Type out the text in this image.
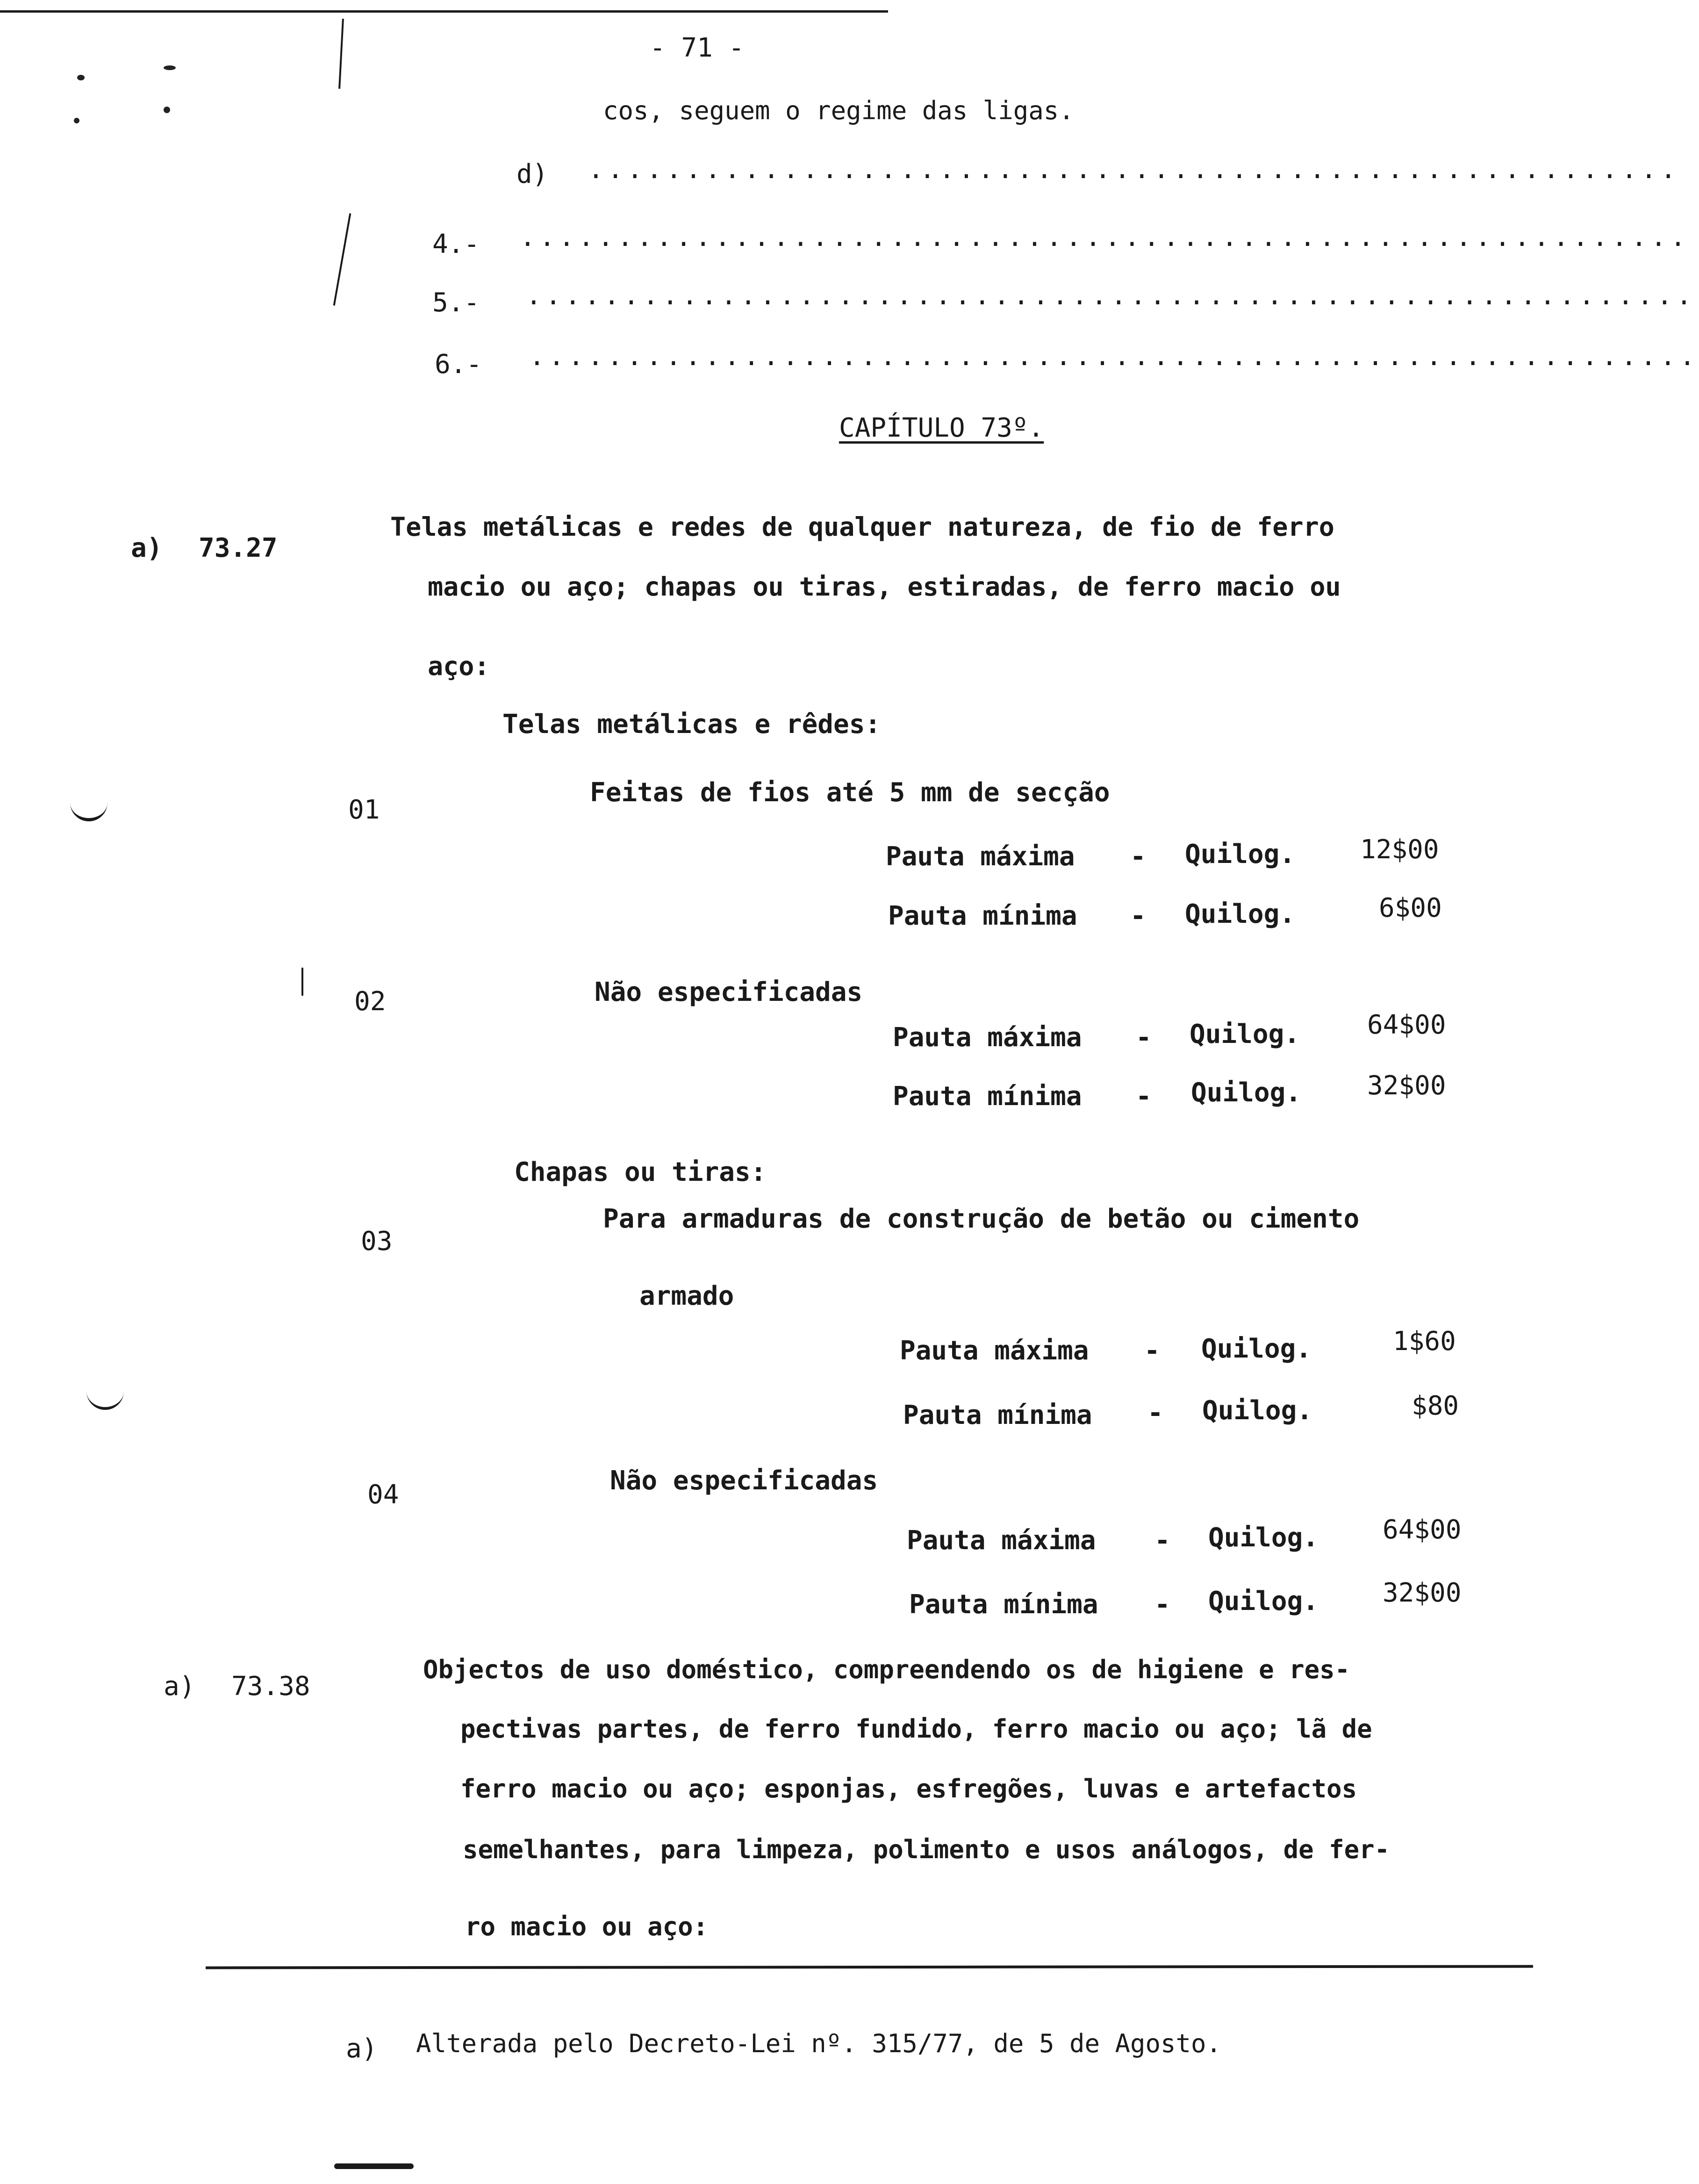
- 71 -
cos, seguem o regime das ligas.
d) ........................................................
4.- ............................................................
5.- ............................................................
6.- ............................................................
CAPÍTULO 73º.
a) 73.27
Telas metálicas e redes de qualquer natureza, de fio de ferro
macio ou aço; chapas ou tiras, estiradas, de ferro macio ou
aço:
Telas metálicas e rêdes:
01
Feitas de fios até 5 mm de secção
Pauta máxima - Quilog. 12$00
Pauta mínima - Quilog.	6$00
02	Não especificadas
Pauta máxima - Quilog.	64$00
Pauta mínima - Quilog.	32$00
Chapas ou tiras:
03
Para armaduras de construção de betão ou cimento
armado
Pauta máxima - Quilog.	1$60
Pauta mínima - Quilog.	$80
04	Não especificadas
Pauta máxima - Quilog. 64$00
Pauta mínima - Quilog. 32$00
a) 73.38
Objectos de uso doméstico, compreendendo os de higiene e res-
pectivas partes, de ferro fundido, ferro macio ou aço; lã de
ferro macio ou aço; esponjas, esfregões, luvas e artefactos
semelhantes, para limpeza, polimento e usos análogos, de fer-
ro macio ou aço:
a) Alterada pelo Decreto-Lei nº. 315/77, de 5 de Agosto.
